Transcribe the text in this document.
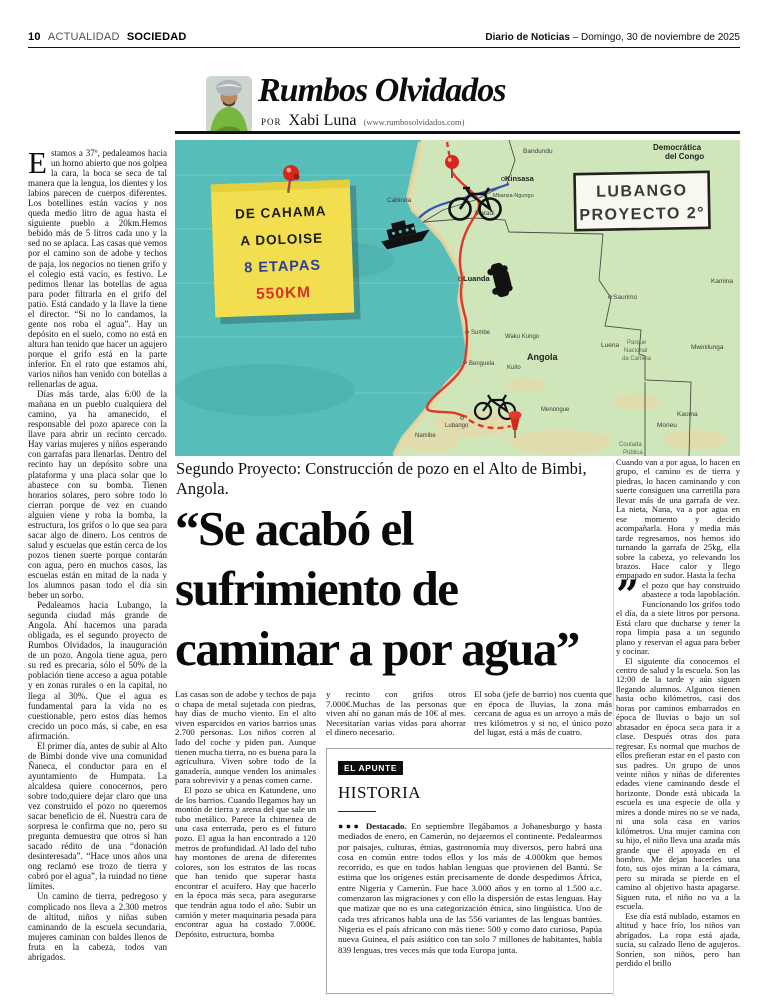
10 ACTUALIDAD SOCIEDAD	Diario de Noticias – Domingo, 30 de noviembre de 2025
Rumbos Olvidados
POR Xabi Luna (www.rumbosolvidados.com)
Democrática
del Congo
Bandundu
Kinsasa
Mbanza-Ngungu
Matadi
Cabinda
Luanda
Sumbe
Waku Kungo
Benguela
Kuito
Lubango
Namibe
Menongue
Angola
Saurimo
Luena Parque
Nacional
da Cameia
Kamina
Mwinilunga
Kaoma
Moneu
Coutada
Pública
LUBANGO
PROYECTO 2°
DE CAHAMA
A DOLOISE
8 ETAPAS
550KM

Estamos a 37º, pedaleamos hacia un horno abierto que nos golpea la cara, la boca se seca de tal manera que la lengua, los dientes y los labios parecen de cuerpos diferentes. Los botellines están vacíos y nos queda medio litro de agua hasta el siguiente pueblo a 20km.Hemos bebido más de 5 litros cada uno y la sed no se aplaca. Las casas que vemos por el camino son de adobe y techos de paja, los negocios no tienen grifo y el colegio está vacío, es festivo. Le pedimos llenar las botellas de agua para poder filtrarla en el grifo del patio. Está candado y la llave la tiene el director. “Si no lo candamos, la gente nos roba el agua”. Hay un depósito en el suelo, como no está en altura han tenido que hacer un agujero porque el grifo está en la parte inferior. En el rato que estamos ahí, varios niños han venido con botellas a rellenarlas de agua.

Días más tarde, alas 6:00 de la mañana en un pueblo cualquiera del camino, ya ha amanecido, el responsable del pozo aparece con la llave para abrir un recinto cercado. Hay varias mujeres y niños esperando con garrafas para llenarlas. Dentro del recinto hay un depósito sobre una plataforma y una placa solar que lo abastece con su bomba. Tienen horarios solares, pero sobre todo lo cierran porque de vez en cuando alguien viene y roba la bomba, la estructura, los grifos o lo que sea para sacar algo de dinero. Los centros de salud y escuelas que están cerca de los pozos tienen suerte porque contarán con agua, pero en muchos casos, las escuelas están en mitad de la nada y los alumnos pasan todo el día sin beber un sorbo.

Pedaleamos hacia Lubango, la segunda ciudad más grande de Angola. Ahí hacemos una parada obligada, es el segundo proyecto de Rumbos Olvidados, la inauguración de un pozo. Angola tiene agua, pero su red es precaria, sólo el 50% de la población tiene acceso a agua potable y en zonas rurales o en la capital, no llega al 30%. Que el agua es fundamental para la vida no es cuestionable, pero estos días hemos crecido un poco más, si cabe, en esa afirmación.

El primer día, antes de subir al Alto de Bimbi donde vive una comunidad Ñaneca, el conductor para en el ayuntamiento de Humpata. La alcaldesa quiere conocernos, pero sobre todo,quiere dejar claro que una vez construido el pozo no queremos sacar beneficio de él. Nuestra cara de sorpresa le confirma que no, pero su pregunta demuestra que otros si han sacado rédito de una “donación desinteresada”. “Hace unos años una ong reclamó ese trozo de tierra y cobró por el agua”, la ruindad no tiene límites.

Un camino de tierra, pedregoso y complicado nos lleva a 2.300 metros de altitud, niños y niñas suben caminando de la escuela secundaria, mujeres caminan con baldes llenos de fruta en la cabeza, todos van abrigados.

Segundo Proyecto: Construcción de pozo en el Alto de Bimbi, Angola.
“Se acabó el
sufrimiento de
caminar a por agua”

Las casas son de adobe y techos de paja o chapa de metal sujetada con piedras, hay días de mucho viento. En el alto viven esparcidos en varios barrios unas 2.700 personas. Los niños corren al lado del coche y piden pan. Aunque tienen mucha tierra, no es buena para la agricultura. Viven sobre todo de la ganadería, aunque venden los animales para sobrevivir y a penas comen carne.

El pozo se ubica en Katundene, uno de los barrios. Cuando llegamos hay un montón de tierra y arena del que sale un tubo metálico. Parece la chimenea de una casa enterrada, pero es el futuro pozo. El agua la han encontrado a 120 metros de profundidad. Al lado del tubo hay montones de arena de diferentes colores, son los estratos de las rocas que han tenido que superar hasta encontrar el acuífero. Hay que hacerlo en la época más seca, para asegurarse que tendrán agua todo el año. Subir un camión y meter maquinaria pesada para encontrar agua ha costado 7.000€. Depósito, estructura, bomba

y recinto con grifos otros 7.000€.Muchas de las personas que viven ahí no ganan más de 10€ al mes. Necesitarían varias vidas para ahorrar el dinero necesario.

El soba (jefe de barrio) nos cuenta que en época de lluvias, la zona más cercana de agua es un arroyo a más de tres kilómetros y si no, el único pozo del lugar, está a más de cuatro.

EL APUNTE
HISTORIA
●●● Destacado. En septiembre llegábamos a Johanesburgo y hasta mediados de enero, en Camerún, no dejaremos el continente. Pedalearmos por paisajes, culturas, étnias, gastronomía muy diversos, pero habrá una cosa en común entre todos ellos y los más de 4.000km que hemos recorrido, es que en todos hablan lenguas que provienen del Bantú. Se estima que los orígenes están precisamente de donde despedimos África, entre Nigeria y Camerún. Fue hace 3.000 años y en torno al 1.500 a.c. comenzaron las migraciones y con ello la dispersión de estas lenguas. Hay que matizar que no es una categorización étnica, sino lingüística. Uno de cada tres africanos habla una de las 556 variantes de las lenguas bantúes. Nigeria es el país africano con más tiene: 500 y como dato curioso, Papúa nueva Guinea, el país asiático con tan solo 7 millones de habitantes, habla 839 lenguas, tres veces más que toda Europa junta.

Cuando van a por agua, lo hacen en grupo, el camino es de tierra y piedras, lo hacen caminando y con suerte consiguen una carretilla para llevar más de una garrafa de vez. La nieta, Nana, va a por agua en ese momento y decido acompañarla. Hora y media más tarde regresamos, nos hemos ido turnando la garrafa de 25kg, ella sobre la cabeza, yo relevando los brazos. Hace calor y llego empapado en sudor. Hasta la fecha

” el pozo que hay construido abastece a toda lapoblación. Funcionando los grifos todo el día, da a siete litros por persona. Está claro que ducharse y tener la ropa limpia pasa a un segundo plano y reservan el agua para beber y cocinar.

El siguiente día conocemos el centro de salud y la escuela. Son las 12:00 de la tarde y aún siguen llegando alumnos. Algunos tienen hasta ocho kilómetros, casi dos horas por caminos embarrados en época de lluvias o bajo un sol abrasador en época seca para ir a clase. Después otras dos para regresar. Es normal que muchos de ellos prefieran estar en el pasto con sus padres. Un grupo de unos veinte niños y niñas de diferentes edades viene caminando desde el horizonte. Donde está ubicada la escuela es una especie de olla y mires a donde mires no se ve nada, ni una sola casa en varios kilómetros. Una mujer camina con su hijo, el niño lleva una azada más grande que él apoyada en el hombro. Me dejan hacerles una foto, sus ojos miran a la cámara, pero su mirada se pierde en el camino al objetivo hasta apagarse. Siguen ruta, el niño no va a la escuela.

Ese día está nublado, estamos en altitud y hace frío, los niños van abrigados. La ropa está ajada, sucia, su calzado lleno de agujeros. Sonríen, son niños, pero han perdido el brillo
